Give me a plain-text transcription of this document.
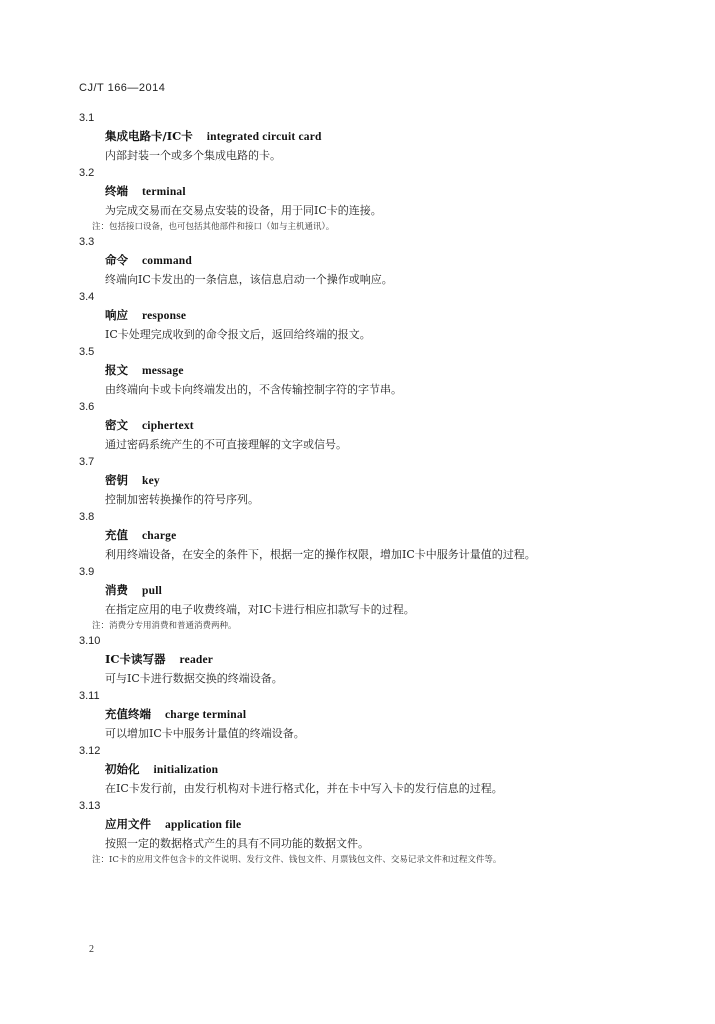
CJ/T 166—2014
3.1
集成电路卡/IC卡 integrated circuit card
内部封装一个或多个集成电路的卡。
3.2
终端 terminal
为完成交易而在交易点安装的设备，用于同IC卡的连接。
注：包括接口设备，也可包括其他部件和接口（如与主机通讯）。
3.3
命令 command
终端向IC卡发出的一条信息，该信息启动一个操作或响应。
3.4
响应 response
IC卡处理完成收到的命令报文后，返回给终端的报文。
3.5
报文 message
由终端向卡或卡向终端发出的，不含传输控制字符的字节串。
3.6
密文 ciphertext
通过密码系统产生的不可直接理解的文字或信号。
3.7
密钥 key
控制加密转换操作的符号序列。
3.8
充值 charge
利用终端设备，在安全的条件下，根据一定的操作权限，增加IC卡中服务计量值的过程。
3.9
消费 pull
在指定应用的电子收费终端，对IC卡进行相应扣款写卡的过程。
注：消费分专用消费和普通消费两种。
3.10
IC卡读写器 reader
可与IC卡进行数据交换的终端设备。
3.11
充值终端 charge terminal
可以增加IC卡中服务计量值的终端设备。
3.12
初始化 initialization
在IC卡发行前，由发行机构对卡进行格式化，并在卡中写入卡的发行信息的过程。
3.13
应用文件 application file
按照一定的数据格式产生的具有不同功能的数据文件。
注：IC卡的应用文件包含卡的文件说明、发行文件、钱包文件、月票钱包文件、交易记录文件和过程文件等。
2
